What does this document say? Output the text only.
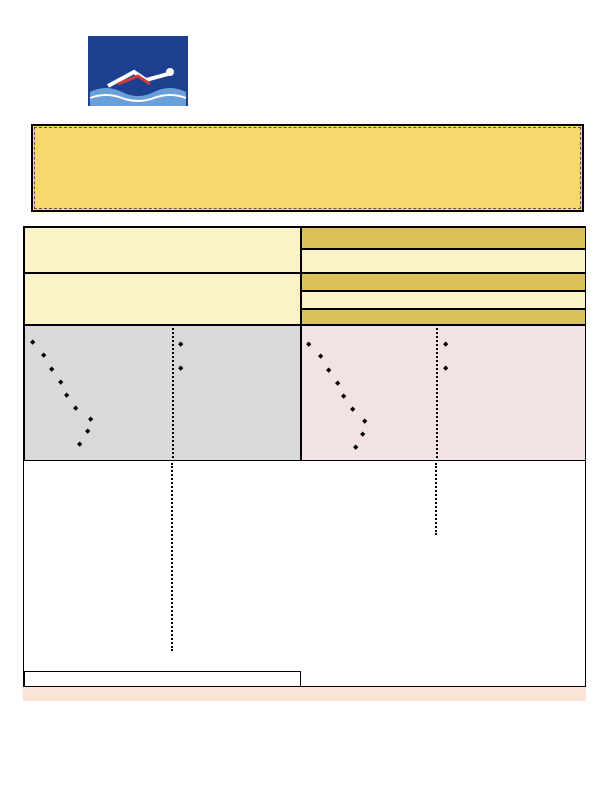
◆
◆
◆
◆
◆
◆
◆
◆
◆
◆
◆
◆
◆
◆
◆
◆
◆
◆
◆
◆
◆
◆
